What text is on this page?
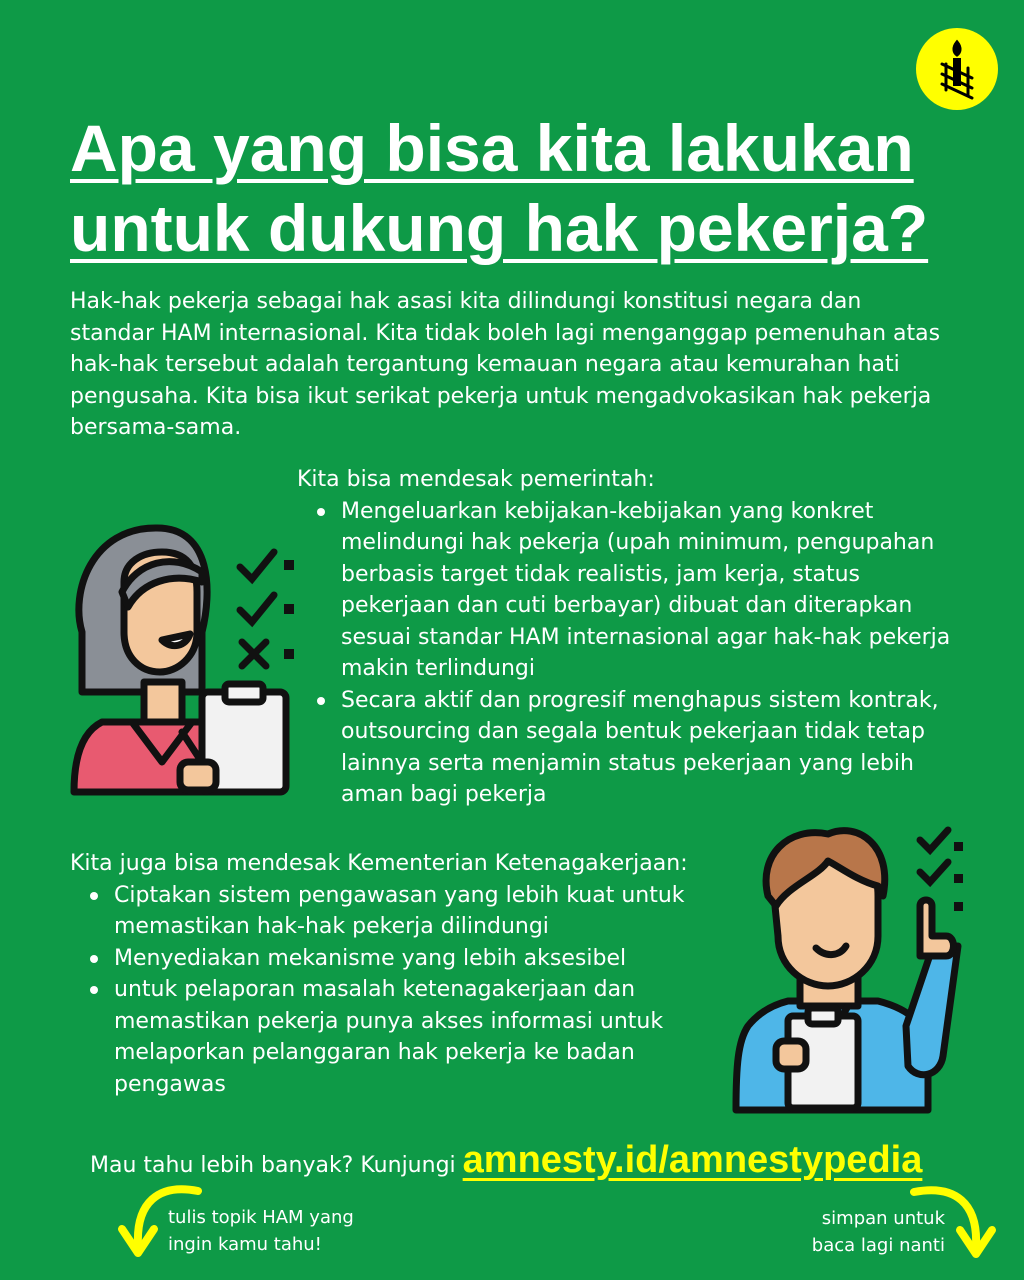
Apa yang bisa kita lakukan
untuk dukung hak pekerja?

Hak-hak pekerja sebagai hak asasi kita dilindungi konstitusi negara dan standar HAM internasional. Kita tidak boleh lagi menganggap pemenuhan atas hak-hak tersebut adalah tergantung kemauan negara atau kemurahan hati pengusaha. Kita bisa ikut serikat pekerja untuk mengadvokasikan hak pekerja bersama-sama.

Kita bisa mendesak pemerintah:
Mengeluarkan kebijakan-kebijakan yang konkret melindungi hak pekerja (upah minimum, pengupahan berbasis target tidak realistis, jam kerja, status pekerjaan dan cuti berbayar) dibuat dan diterapkan sesuai standar HAM internasional agar hak-hak pekerja makin terlindungi
Secara aktif dan progresif menghapus sistem kontrak, outsourcing dan segala bentuk pekerjaan tidak tetap lainnya serta menjamin status pekerjaan yang lebih aman bagi pekerja
Kita juga bisa mendesak Kementerian Ketenagakerjaan:
Ciptakan sistem pengawasan yang lebih kuat untuk memastikan hak-hak pekerja dilindungi
Menyediakan mekanisme yang lebih aksesibel
untuk pelaporan masalah ketenagakerjaan dan memastikan pekerja punya akses informasi untuk melaporkan pelanggaran hak pekerja ke badan pengawas
Mau tahu lebih banyak? Kunjungi amnesty.id/amnestypedia
tulis topik HAM yang
ingin kamu tahu!
simpan untuk
baca lagi nanti
